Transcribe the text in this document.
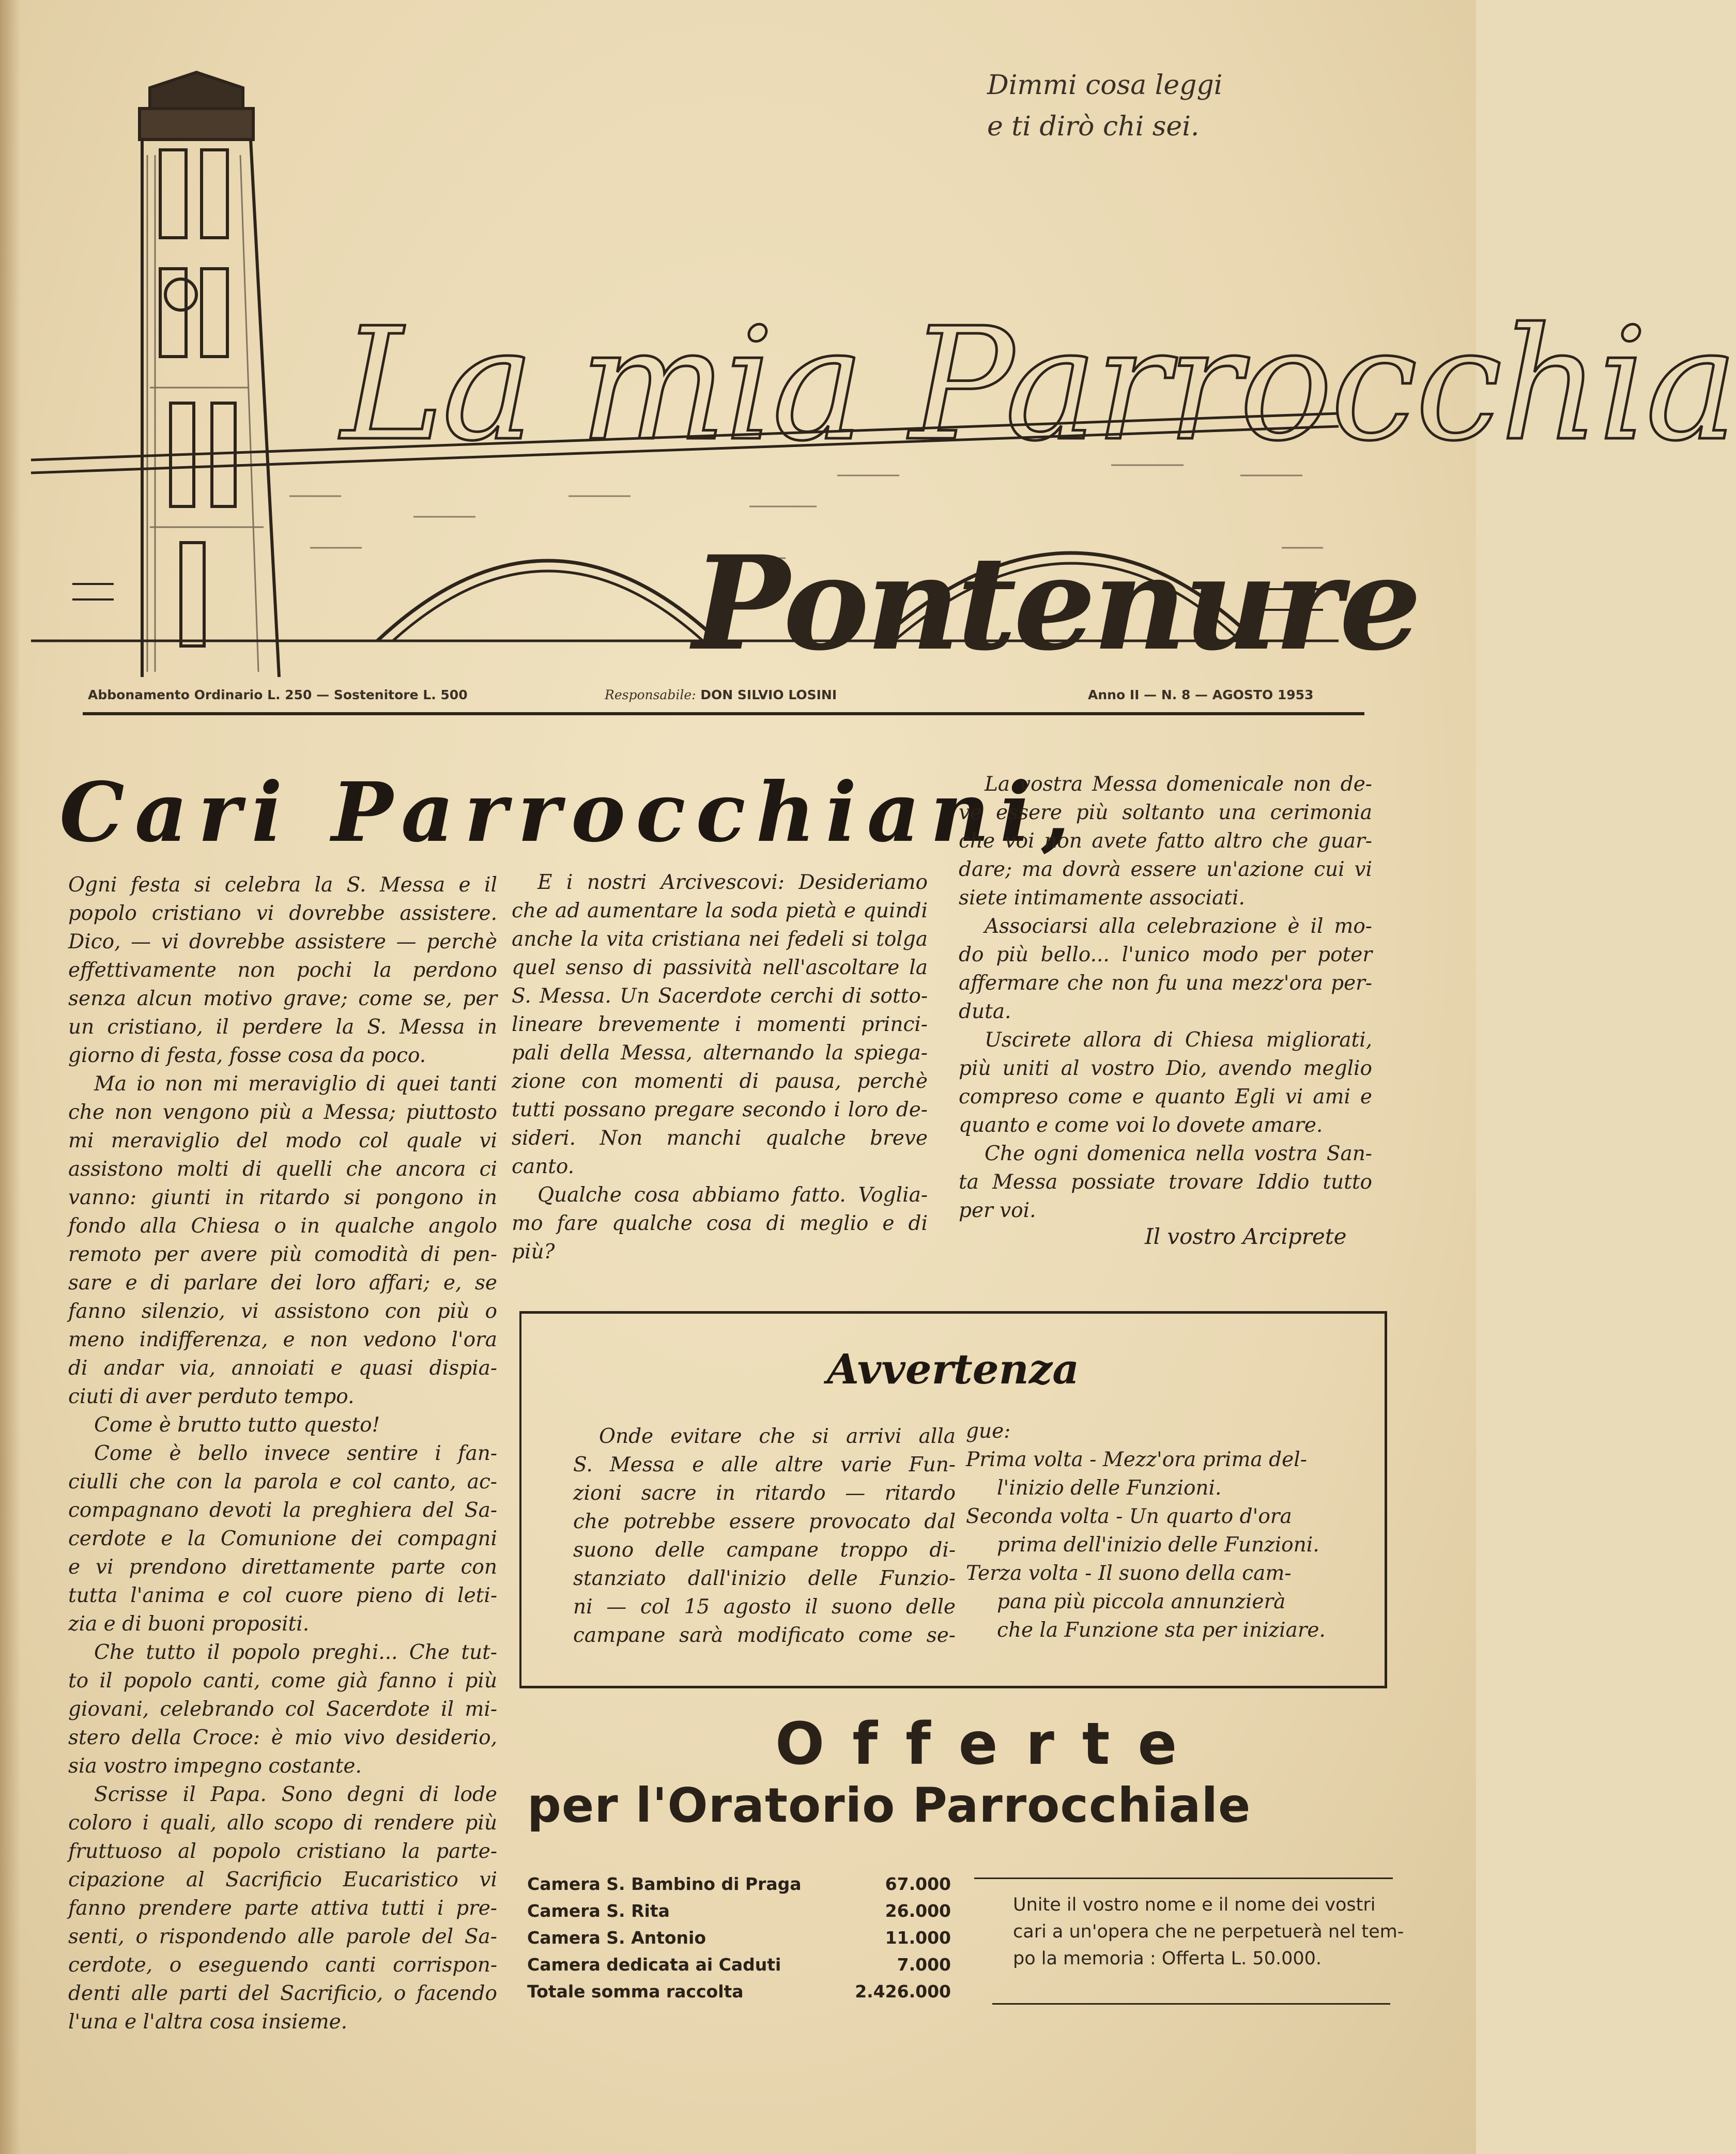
Dimmi cosa leggi
e ti dirò chi sei.
La mia Parrocchia
Pontenure
Abbonamento Ordinario L. 250 — Sostenitore L. 500	Responsabile: DON SILVIO LOSINI	Anno II — N. 8 — AGOSTO 1953
Cari Parrocchiani,

Ogni festa si celebra la S. Messa e il

popolo cristiano vi dovrebbe assistere.

Dico, — vi dovrebbe assistere — perchè

effettivamente non pochi la perdono

senza alcun motivo grave; come se, per

un cristiano, il perdere la S. Messa in

giorno di festa, fosse cosa da poco.

Ma io non mi meraviglio di quei tanti

che non vengono più a Messa; piuttosto

mi meraviglio del modo col quale vi

assistono molti di quelli che ancora ci

vanno: giunti in ritardo si pongono in

fondo alla Chiesa o in qualche angolo

remoto per avere più comodità di pen-

sare e di parlare dei loro affari; e, se

fanno silenzio, vi assistono con più o

meno indifferenza, e non vedono l'ora

di andar via, annoiati e quasi dispia-

ciuti di aver perduto tempo.

Come è brutto tutto questo!

Come è bello invece sentire i fan-

ciulli che con la parola e col canto, ac-

compagnano devoti la preghiera del Sa-

cerdote e la Comunione dei compagni

e vi prendono direttamente parte con

tutta l'anima e col cuore pieno di leti-

zia e di buoni propositi.

Che tutto il popolo preghi... Che tut-

to il popolo canti, come già fanno i più

giovani, celebrando col Sacerdote il mi-

stero della Croce: è mio vivo desiderio,

sia vostro impegno costante.

Scrisse il Papa. Sono degni di lode

coloro i quali, allo scopo di rendere più

fruttuoso al popolo cristiano la parte-

cipazione al Sacrificio Eucaristico vi

fanno prendere parte attiva tutti i pre-

senti, o rispondendo alle parole del Sa-

cerdote, o eseguendo canti corrispon-

denti alle parti del Sacrificio, o facendo

l'una e l'altra cosa insieme.

E i nostri Arcivescovi: Desideriamo

che ad aumentare la soda pietà e quindi

anche la vita cristiana nei fedeli si tolga

quel senso di passività nell'ascoltare la

S. Messa. Un Sacerdote cerchi di sotto-

lineare brevemente i momenti princi-

pali della Messa, alternando la spiega-

zione con momenti di pausa, perchè

tutti possano pregare secondo i loro de-

sideri. Non manchi qualche breve

canto.

Qualche cosa abbiamo fatto. Voglia-

mo fare qualche cosa di meglio e di

più?

La vostra Messa domenicale non de-

ve essere più soltanto una cerimonia

che voi non avete fatto altro che guar-

dare; ma dovrà essere un'azione cui vi

siete intimamente associati.

Associarsi alla celebrazione è il mo-

do più bello... l'unico modo per poter

affermare che non fu una mezz'ora per-

duta.

Uscirete allora di Chiesa migliorati,

più uniti al vostro Dio, avendo meglio

compreso come e quanto Egli vi ami e

quanto e come voi lo dovete amare.

Che ogni domenica nella vostra San-

ta Messa possiate trovare Iddio tutto

per voi.

Il vostro Arciprete
Avvertenza

Onde evitare che si arrivi alla

S. Messa e alle altre varie Fun-

zioni sacre in ritardo — ritardo

che potrebbe essere provocato dal

suono delle campane troppo di-

stanziato dall'inizio delle Funzio-

ni — col 15 agosto il suono delle

campane sarà modificato come se-

gue:

Prima volta - Mezz'ora prima del-

l'inizio delle Funzioni.

Seconda volta - Un quarto d'ora

prima dell'inizio delle Funzioni.

Terza volta - Il suono della cam-

pana più piccola annunzierà

che la Funzione sta per iniziare.

Offerte
per l'Oratorio Parrocchiale
Camera S. Bambino di Praga	67.000
Camera S. Rita	26.000
Camera S. Antonio	11.000
Camera dedicata ai Caduti	7.000
Totale somma raccolta	2.426.000
Unite il vostro nome e il nome dei vostri
cari a un'opera che ne perpetuerà nel tem-
po la memoria : Offerta L. 50.000.
